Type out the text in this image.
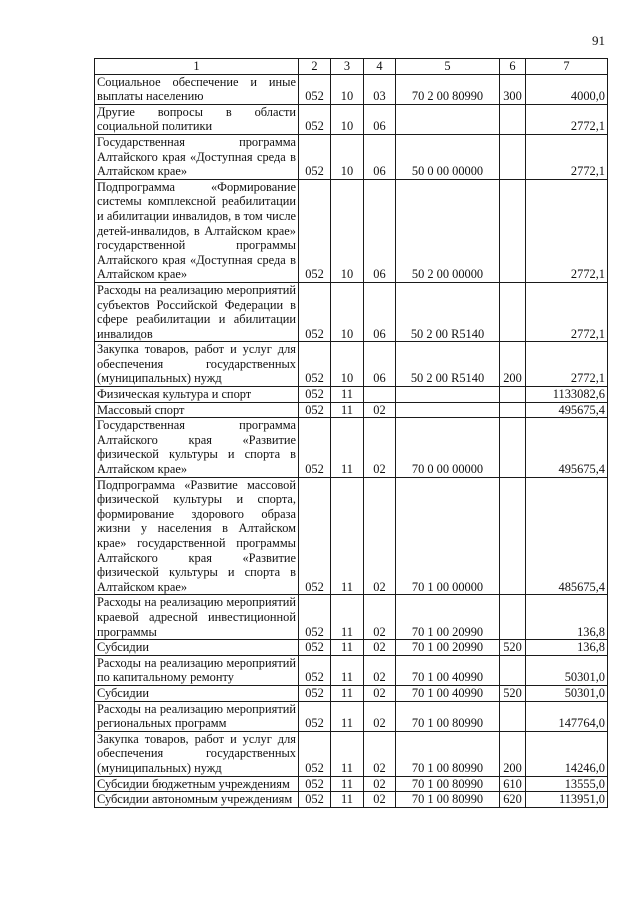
91
1	2	3	4	5	6	7
Социальное обеспечение и иные выплаты населению	052	10	03	70 2 00 80990	300	4000,0
Другие вопросы в области социальной политики	052	10	06			2772,1
Государственная программа Алтайского края «Доступная среда в Алтайском крае»	052	10	06	50 0 00 00000		2772,1
Подпрограмма «Формирование системы комплексной реабилитации и абилитации инвалидов, в том числе детей-инвалидов, в Алтайском крае» государственной программы Алтайского края «Доступная среда в Алтайском крае»	052	10	06	50 2 00 00000		2772,1
Расходы на реализацию мероприятий субъектов Российской Федерации в сфере реабилитации и абилитации инвалидов	052	10	06	50 2 00 R5140		2772,1
Закупка товаров, работ и услуг для обеспечения государственных (муниципальных) нужд	052	10	06	50 2 00 R5140	200	2772,1
Физическая культура и спорт	052	11				1133082,6
Массовый спорт	052	11	02			495675,4
Государственная программа Алтайского края «Развитие физической культуры и спорта в Алтайском крае»	052	11	02	70 0 00 00000		495675,4
Подпрограмма «Развитие массовой физической культуры и спорта, формирование здорового образа жизни у населения в Алтайском крае» государственной программы Алтайского края «Развитие физической культуры и спорта в Алтайском крае»	052	11	02	70 1 00 00000		485675,4
Расходы на реализацию мероприятий краевой адресной инвестиционной программы	052	11	02	70 1 00 20990		136,8
Субсидии	052	11	02	70 1 00 20990	520	136,8
Расходы на реализацию мероприятий по капитальному ремонту	052	11	02	70 1 00 40990		50301,0
Субсидии	052	11	02	70 1 00 40990	520	50301,0
Расходы на реализацию мероприятий региональных программ	052	11	02	70 1 00 80990		147764,0
Закупка товаров, работ и услуг для обеспечения государственных (муниципальных) нужд	052	11	02	70 1 00 80990	200	14246,0
Субсидии бюджетным учреждениям	052	11	02	70 1 00 80990	610	13555,0
Субсидии автономным учреждениям	052	11	02	70 1 00 80990	620	113951,0
